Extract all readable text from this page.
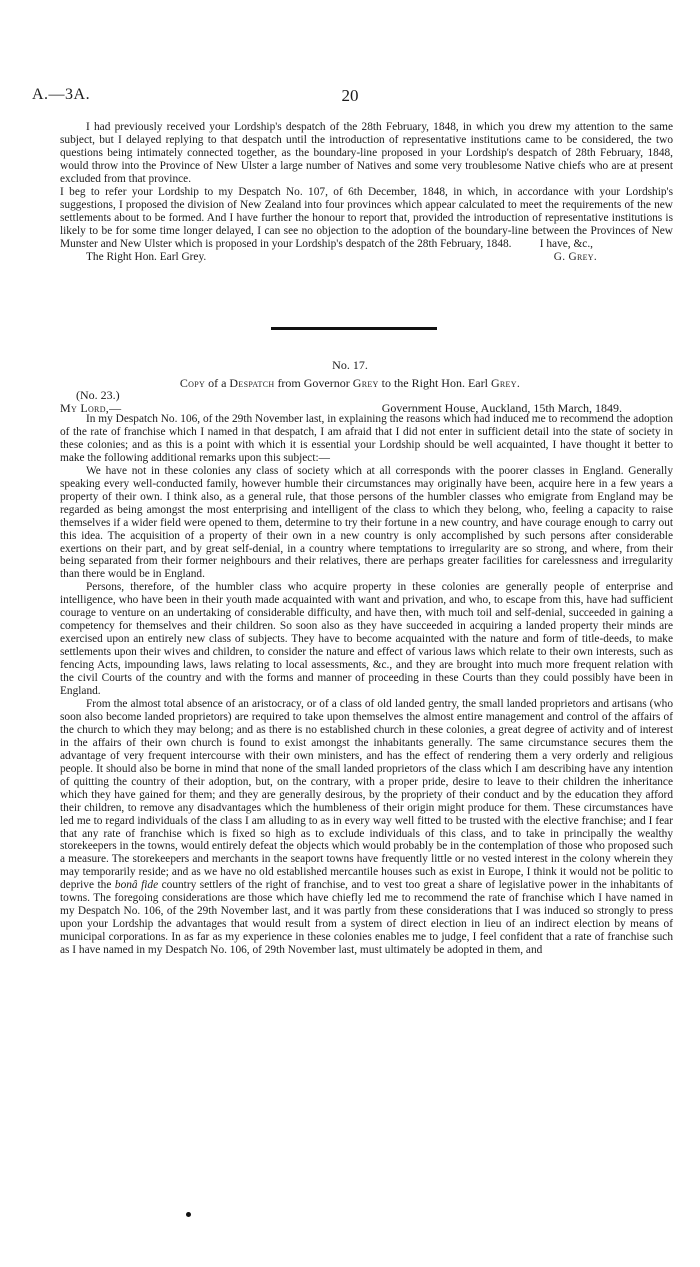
A.—3A.	20

I had previously received your Lordship's despatch of the 28th February, 1848, in which you drew my attention to the same subject, but I delayed replying to that despatch until the introduction of representative institutions came to be considered, the two questions being intimately connected together, as the boundary-line proposed in your Lordship's despatch of 28th February, 1848, would throw into the Province of New Ulster a large number of Natives and some very troublesome Native chiefs who are at present excluded from that province.

I beg to refer your Lordship to my Despatch No. 107, of 6th December, 1848, in which, in accordance with your Lordship's suggestions, I proposed the division of New Zealand into four provinces which appear calculated to meet the requirements of the new settlements about to be formed. And I have further the honour to report that, provided the introduction of representative institutions is likely to be for some time longer delayed, I can see no objection to the adoption of the boundary-line between the Provinces of New Munster and New Ulster which is proposed in your Lordship's despatch of the 28th February, 1848. I have, &c.,
The Right Hon. Earl Grey.	G. Grey.
No. 17.
Copy of a Despatch from Governor Grey to the Right Hon. Earl Grey.
(No. 23.)
My Lord,—	Government House, Auckland, 15th March, 1849.

In my Despatch No. 106, of the 29th November last, in explaining the reasons which had induced me to recommend the adoption of the rate of franchise which I named in that despatch, I am afraid that I did not enter in sufficient detail into the state of society in these colonies; and as this is a point with which it is essential your Lordship should be well acquainted, I have thought it better to make the following additional remarks upon this subject:—

We have not in these colonies any class of society which at all corresponds with the poorer classes in England. Generally speaking every well-conducted family, however humble their circumstances may originally have been, acquire here in a few years a property of their own. I think also, as a general rule, that those persons of the humbler classes who emigrate from England may be regarded as being amongst the most enterprising and intelligent of the class to which they belong, who, feeling a capacity to raise themselves if a wider field were opened to them, determine to try their fortune in a new country, and have courage enough to carry out this idea. The acquisition of a property of their own in a new country is only accomplished by such persons after considerable exertions on their part, and by great self-denial, in a country where temptations to irregularity are so strong, and where, from their being separated from their former neighbours and their relatives, there are perhaps greater facilities for carelessness and irregularity than there would be in England.

Persons, therefore, of the humbler class who acquire property in these colonies are generally people of enterprise and intelligence, who have been in their youth made acquainted with want and privation, and who, to escape from this, have had sufficient courage to venture on an undertaking of considerable difficulty, and have then, with much toil and self-denial, succeeded in gaining a competency for themselves and their children. So soon also as they have succeeded in acquiring a landed property their minds are exercised upon an entirely new class of subjects. They have to become acquainted with the nature and form of title-deeds, to make settlements upon their wives and children, to consider the nature and effect of various laws which relate to their own interests, such as fencing Acts, impounding laws, laws relating to local assessments, &c., and they are brought into much more frequent relation with the civil Courts of the country and with the forms and manner of proceeding in these Courts than they could possibly have been in England.

From the almost total absence of an aristocracy, or of a class of old landed gentry, the small landed proprietors and artisans (who soon also become landed proprietors) are required to take upon themselves the almost entire management and control of the affairs of the church to which they may belong; and as there is no established church in these colonies, a great degree of activity and of interest in the affairs of their own church is found to exist amongst the inhabitants generally. The same circumstance secures them the advantage of very frequent intercourse with their own ministers, and has the effect of rendering them a very orderly and religious people. It should also be borne in mind that none of the small landed proprietors of the class which I am describing have any intention of quitting the country of their adoption, but, on the contrary, with a proper pride, desire to leave to their children the inheritance which they have gained for them; and they are generally desirous, by the propriety of their conduct and by the education they afford their children, to remove any disadvantages which the humbleness of their origin might produce for them. These circumstances have led me to regard individuals of the class I am alluding to as in every way well fitted to be trusted with the elective franchise; and I fear that any rate of franchise which is fixed so high as to exclude individuals of this class, and to take in principally the wealthy storekeepers in the towns, would entirely defeat the objects which would probably be in the contemplation of those who proposed such a measure. The storekeepers and merchants in the seaport towns have frequently little or no vested interest in the colony wherein they may temporarily reside; and as we have no old established mercantile houses such as exist in Europe, I think it would not be politic to deprive the bonâ fide country settlers of the right of franchise, and to vest too great a share of legislative power in the inhabitants of towns. The foregoing considerations are those which have chiefly led me to recommend the rate of franchise which I have named in my Despatch No. 106, of the 29th November last, and it was partly from these considerations that I was induced so strongly to press upon your Lordship the advantages that would result from a system of direct election in lieu of an indirect election by means of municipal corporations. In as far as my experience in these colonies enables me to judge, I feel confident that a rate of franchise such as I have named in my Despatch No. 106, of 29th November last, must ultimately be adopted in them, and
